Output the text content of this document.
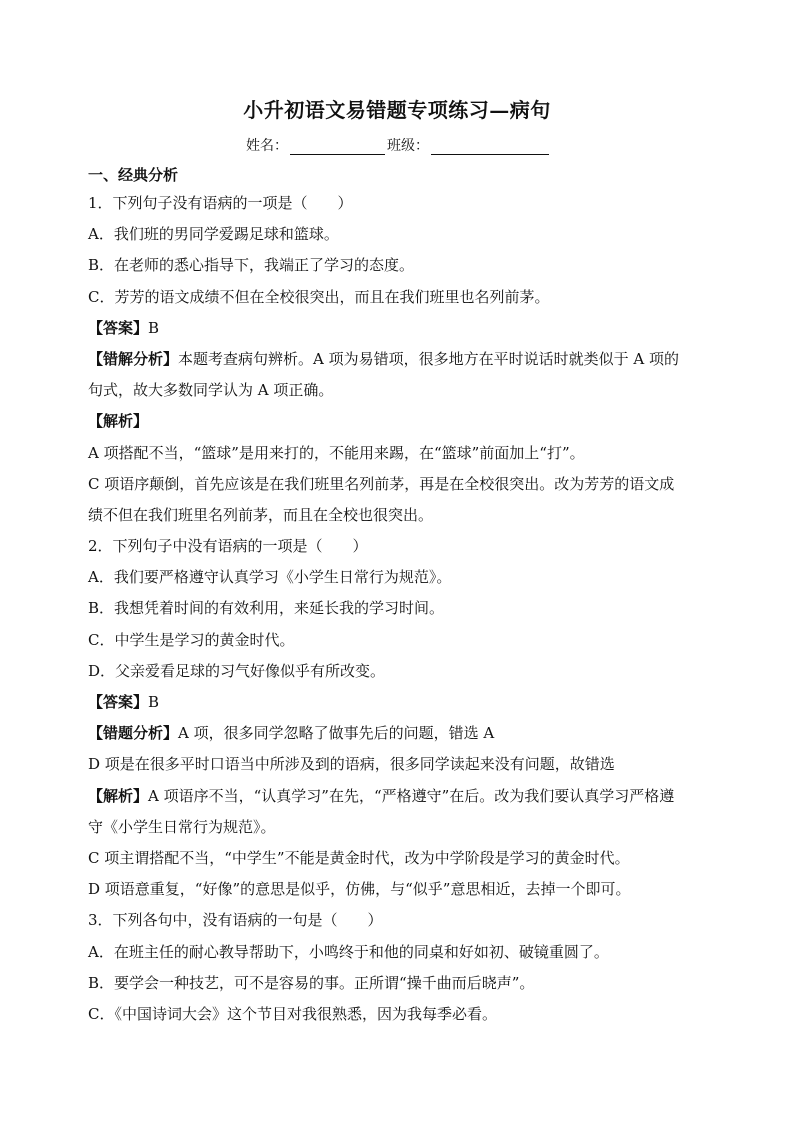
小升初语文易错题专项练习—病句
姓名：	班级：
一、经典分析
1．下列句子没有语病的一项是（　　）
A．我们班的男同学爱踢足球和篮球。
B．在老师的悉心指导下，我端正了学习的态度。
C．芳芳的语文成绩不但在全校很突出，而且在我们班里也名列前茅。
【答案】B
【错解分析】本题考查病句辨析。A 项为易错项，很多地方在平时说话时就类似于 A 项的
句式，故大多数同学认为 A 项正确。
【解析】
A 项搭配不当，“篮球”是用来打的，不能用来踢，在“篮球”前面加上“打”。
C 项语序颠倒，首先应该是在我们班里名列前茅，再是在全校很突出。改为芳芳的语文成
绩不但在我们班里名列前茅，而且在全校也很突出。
2．下列句子中没有语病的一项是（　　）
A．我们要严格遵守认真学习《小学生日常行为规范》。
B．我想凭着时间的有效利用，来延长我的学习时间。
C．中学生是学习的黄金时代。
D．父亲爱看足球的习气好像似乎有所改变。
【答案】B
【错题分析】A 项，很多同学忽略了做事先后的问题，错选 A
D 项是在很多平时口语当中所涉及到的语病，很多同学读起来没有问题，故错选
【解析】A 项语序不当，“认真学习”在先，“严格遵守”在后。改为我们要认真学习严格遵
守《小学生日常行为规范》。
C 项主谓搭配不当，“中学生”不能是黄金时代，改为中学阶段是学习的黄金时代。
D 项语意重复，“好像”的意思是似乎，仿佛，与“似乎”意思相近，去掉一个即可。
3．下列各句中，没有语病的一句是（　　）
A．在班主任的耐心教导帮助下，小鸣终于和他的同桌和好如初、破镜重圆了。
B．要学会一种技艺，可不是容易的事。正所谓“操千曲而后晓声”。
C．《中国诗词大会》这个节目对我很熟悉，因为我每季必看。
